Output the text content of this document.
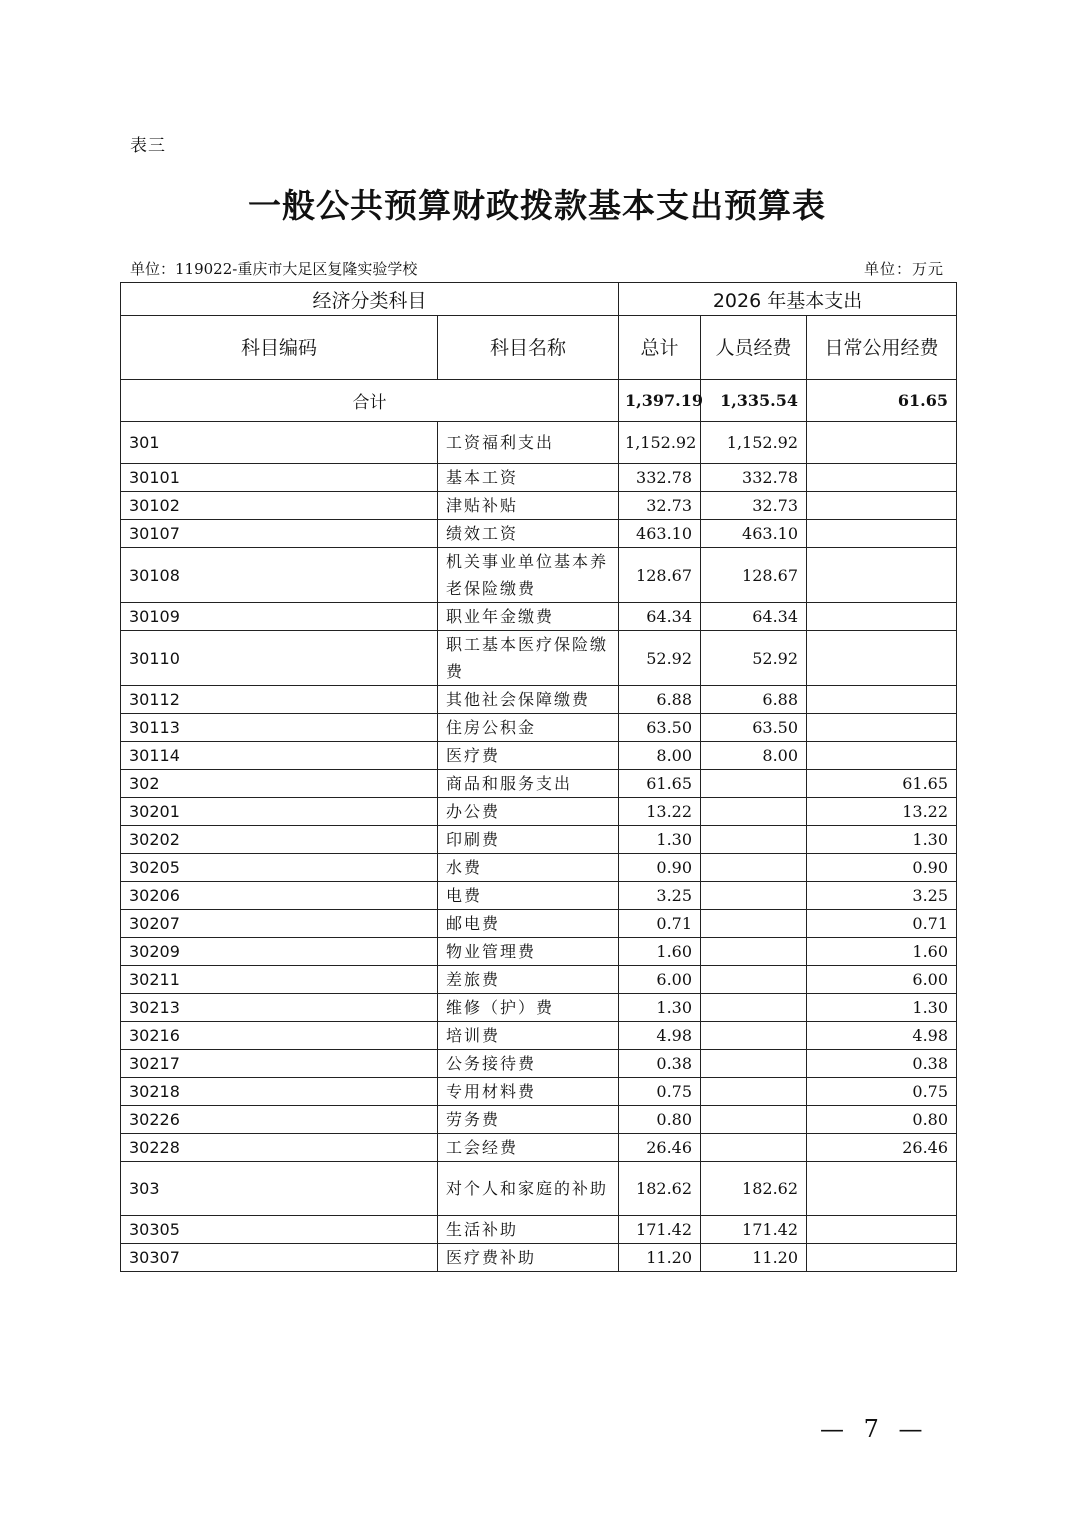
表三
一般公共预算财政拨款基本支出预算表
单位：119022-重庆市大足区复隆实验学校	单位：万元
经济分类科目		2026 年基本支出		
科目编码	科目名称	总计	人员经费	日常公用经费
合计		1,397.19	1,335.54	61.65
301	工资福利支出	1,152.92	1,152.92	
30101	基本工资	332.78	332.78	
30102	津贴补贴	32.73	32.73	
30107	绩效工资	463.10	463.10	
30108	机关事业单位基本养老保险缴费	128.67	128.67	
30109	职业年金缴费	64.34	64.34	
30110	职工基本医疗保险缴费	52.92	52.92	
30112	其他社会保障缴费	6.88	6.88	
30113	住房公积金	63.50	63.50	
30114	医疗费	8.00	8.00	
302	商品和服务支出	61.65		61.65
30201	办公费	13.22		13.22
30202	印刷费	1.30		1.30
30205	水费	0.90		0.90
30206	电费	3.25		3.25
30207	邮电费	0.71		0.71
30209	物业管理费	1.60		1.60
30211	差旅费	6.00		6.00
30213	维修（护）费	1.30		1.30
30216	培训费	4.98		4.98
30217	公务接待费	0.38		0.38
30218	专用材料费	0.75		0.75
30226	劳务费	0.80		0.80
30228	工会经费	26.46		26.46
303	对个人和家庭的补助	182.62	182.62	
30305	生活补助	171.42	171.42	
30307	医疗费补助	11.20	11.20	
— 7 —
